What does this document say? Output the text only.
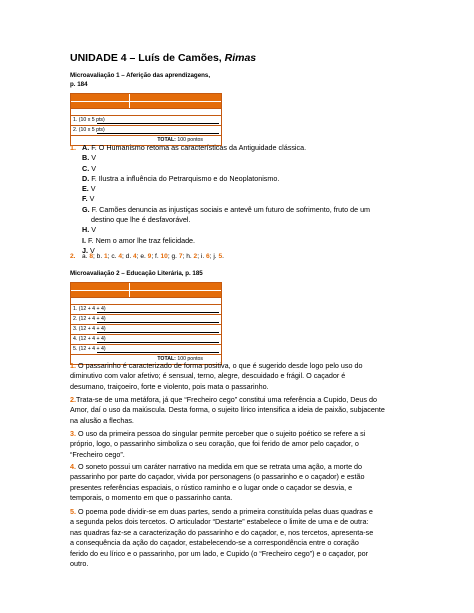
UNIDADE 4 – Luís de Camões, Rimas
Microavaliação 1 – Aferição das aprendizagens,
p. 184
1. (10 x 5 pts)
2. (10 x 5 pts)
TOTAL: 100 pontos
1. A. F. O Humanismo retoma as características da Antiguidade clássica.
B. V
C. V
D. F. Ilustra a influência do Petrarquismo e do Neoplatonismo.
E. V
F. V
G. F. Camões denuncia as injustiças sociais e antevê um futuro de sofrimento, fruto de um
destino que lhe é desfavorável.
H. V
I. F. Nem o amor lhe traz felicidade.
J. V
2. a. 8; b. 1; c. 4; d. 4; e. 9; f. 10; g. 7; h. 2; i. 6; j. 5.
Microavaliação 2 – Educação Literária, p. 185
1. (12 + 4 + 4)
2. (12 + 4 + 4)
3. (12 + 4 + 4)
4. (12 + 4 + 4)
5. (12 + 4 + 4)
TOTAL: 100 pontos
1. O passarinho é caracterizado de forma positiva, o que é sugerido desde logo pelo uso do
diminutivo com valor afetivo; é sensual, terno, alegre, descuidado e frágil. O caçador é
desumano, traiçoeiro, forte e violento, pois mata o passarinho.
2.Trata-se de uma metáfora, já que “Frecheiro cego” constitui uma referência a Cupido, Deus do
Amor, daí o uso da maiúscula. Desta forma, o sujeito lírico intensifica a ideia de paixão, subjacente
na alusão a flechas.
3. O uso da primeira pessoa do singular permite perceber que o sujeito poético se refere a si
próprio, logo, o passarinho simboliza o seu coração, que foi ferido de amor pelo caçador, o
“Frecheiro cego”.
4. O soneto possui um caráter narrativo na medida em que se retrata uma ação, a morte do
passarinho por parte do caçador, vivida por personagens (o passarinho e o caçador) e estão
presentes referências espaciais, o rústico raminho e o lugar onde o caçador se desvia, e
temporais, o momento em que o passarinho canta.
5. O poema pode dividir-se em duas partes, sendo a primeira constituída pelas duas quadras e
a segunda pelos dois tercetos. O articulador “Destarte” estabelece o limite de uma e de outra:
nas quadras faz-se a caracterização do passarinho e do caçador, e, nos tercetos, apresenta-se
a consequência da ação do caçador, estabelecendo-se a correspondência entre o coração
ferido do eu lírico e o passarinho, por um lado, e Cupido (o “Frecheiro cego”) e o caçador, por
outro.
